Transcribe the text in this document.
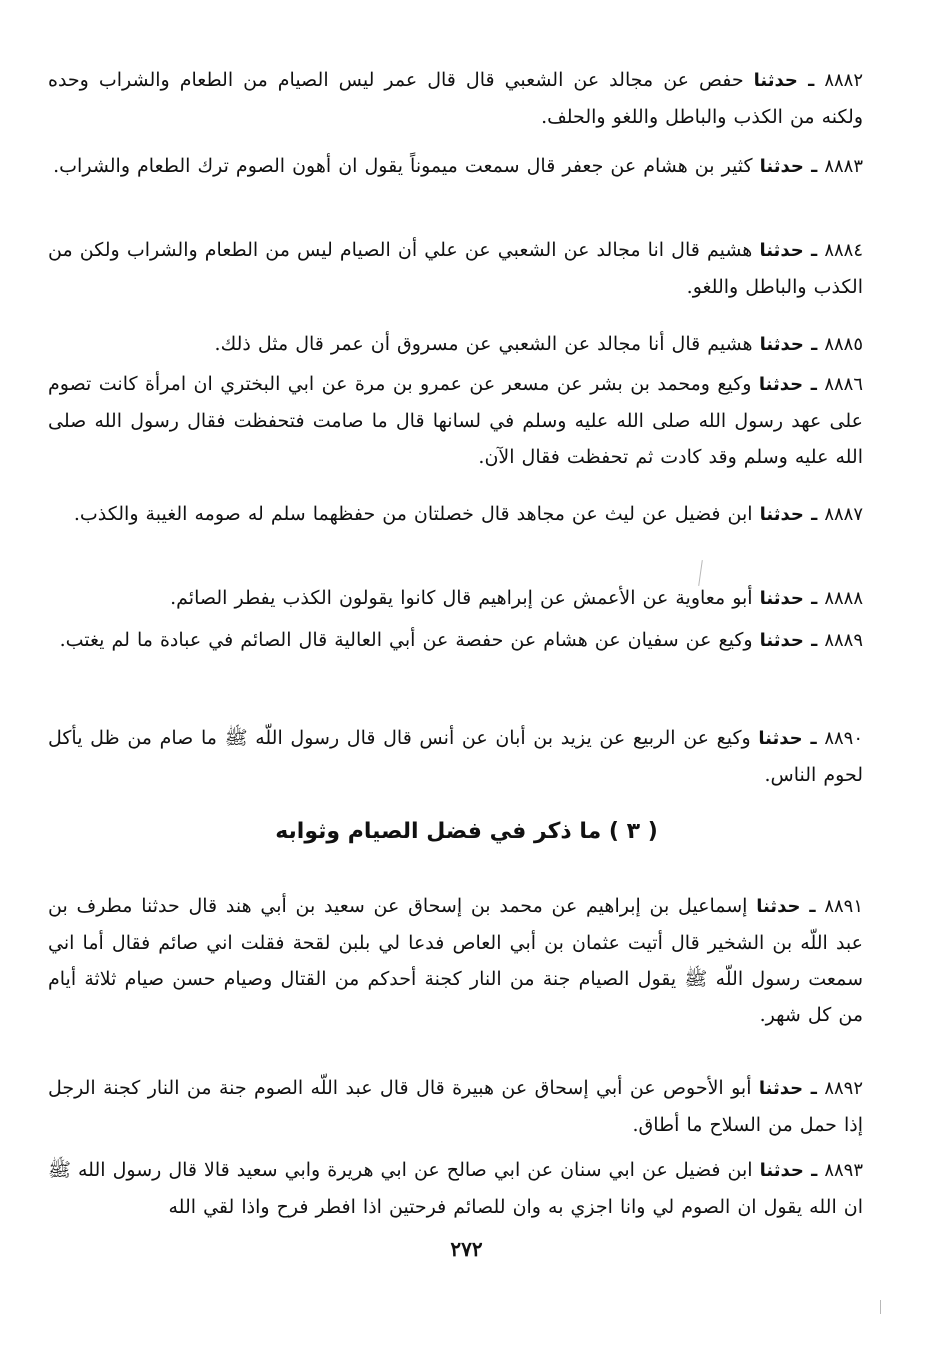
٨٨٨٢ ـ حدثنا حفص عن مجالد عن الشعبي قال قال عمر ليس الصيام من الطعام والشراب وحده ولكنه من الكذب والباطل واللغو والحلف.
٨٨٨٣ ـ حدثنا كثير بن هشام عن جعفر قال سمعت ميموناً يقول ان أهون الصوم ترك الطعام والشراب.
٨٨٨٤ ـ حدثنا هشيم قال انا مجالد عن الشعبي عن علي أن الصيام ليس من الطعام والشراب ولكن من الكذب والباطل واللغو.
٨٨٨٥ ـ حدثنا هشيم قال أنا مجالد عن الشعبي عن مسروق أن عمر قال مثل ذلك.
٨٨٨٦ ـ حدثنا وكيع ومحمد بن بشر عن مسعر عن عمرو بن مرة عن ابي البختري ان امرأة كانت تصوم على عهد رسول الله صلى الله عليه وسلم في لسانها قال ما صامت فتحفظت فقال رسول الله صلى الله عليه وسلم وقد كادت ثم تحفظت فقال الآن.
٨٨٨٧ ـ حدثنا ابن فضيل عن ليث عن مجاهد قال خصلتان من حفظهما سلم له صومه الغيبة والكذب.
٨٨٨٨ ـ حدثنا أبو معاوية عن الأعمش عن إبراهيم قال كانوا يقولون الكذب يفطر الصائم.
٨٨٨٩ ـ حدثنا وكيع عن سفيان عن هشام عن حفصة عن أبي العالية قال الصائم في عبادة ما لم يغتب.
٨٨٩٠ ـ حدثنا وكيع عن الربيع عن يزيد بن أبان عن أنس قال قال رسول اللّه ﷺ ما صام من ظل يأكل لحوم الناس.
( ٣ ) ما ذكر في فضل الصيام وثوابه
٨٨٩١ ـ حدثنا إسماعيل بن إبراهيم عن محمد بن إسحاق عن سعيد بن أبي هند قال حدثنا مطرف بن عبد اللّه بن الشخير قال أتيت عثمان بن أبي العاص فدعا لي بلبن لقحة فقلت اني صائم فقال أما اني سمعت رسول اللّه ﷺ يقول الصيام جنة من النار كجنة أحدكم من القتال وصيام حسن صيام ثلاثة أيام من كل شهر.
٨٨٩٢ ـ حدثنا أبو الأحوص عن أبي إسحاق عن هبيرة قال قال عبد اللّه الصوم جنة من النار كجنة الرجل إذا حمل من السلاح ما أطاق.
٨٨٩٣ ـ حدثنا ابن فضيل عن ابي سنان عن ابي صالح عن ابي هريرة وابي سعيد قالا قال رسول الله ﷺ ان الله يقول ان الصوم لي وانا اجزي به وان للصائم فرحتين اذا افطر فرح واذا لقي الله
٢٧٢
